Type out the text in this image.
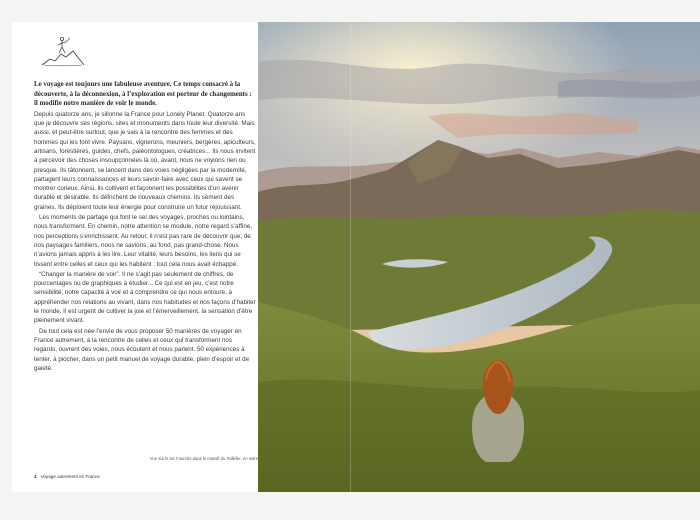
Le voyage est toujours une fabuleuse aventure. Ce temps consacré à la découverte, à la déconnexion, à l’exploration est porteur de changements : il modifie notre manière de voir le monde.

Depuis quatorze ans, je sillonne la France pour Lonely Planet. Quatorze ans que je découvre ses régions, sites et monuments dans toute leur diversité. Mais aussi, et peut-être surtout, que je vais à la rencontre des femmes et des hommes qui les font vivre. Paysans, vignerons, meuniers, bergères, apiculteurs, artisans, forestières, guides, chefs, paléontologues, créatrices... Ils nous invitent à percevoir des choses insoupçonnées là où, avant, nous ne voyions rien ou presque. Ils tâtonnent, se lancent dans des voies négligées par la modernité, partagent leurs connaissances et leurs savoir-faire avec ceux qui savent se montrer curieux. Ainsi, ils cultivent et façonnent les possibilités d’un avenir durable et désirable. Ils défrichent de nouveaux chemins. Ils sèment des graines. Ils déploient toute leur énergie pour construire un futur réjouissant.

Les moments de partage qui font le sel des voyages, proches ou lointains, nous transforment. En chemin, notre attention se module, notre regard s’affine, nos perceptions s’enrichissent. Au retour, il n’est pas rare de découvrir que, de nos paysages familiers, nous ne savions, au fond, pas grand-chose. Nous n’avions jamais appris à les lire. Leur vitalité, leurs besoins, les liens qui se tissent entre celles et ceux qui les habitent : tout cela nous avait échappé.

“Changer la manière de voir”. Il ne s’agit pas seulement de chiffres, de pourcentages ou de graphiques à étudier... Ce qui est en jeu, c’est notre sensibilité, notre capacité à voir et à comprendre ce qui nous entoure, à appréhender nos relations au vivant, dans nos habitudes et nos façons d’habiter le monde. Il est urgent de cultiver la joie et l’émerveillement, la sensation d’être pleinement vivant.

De tout cela est née l’envie de vous proposer 50 manières de voyager en France autrement, à la rencontre de celles et ceux qui transforment nos regards, ouvrent des voies, nous écoutent et nous parlent. 50 expériences à tenter, à piocher, dans un petit manuel de voyage durable, plein d’espoir et de gaieté.

Vue sur le lac Fourcho dans le massif du Taillefer, en Isère
4 Voyage autrement en France
